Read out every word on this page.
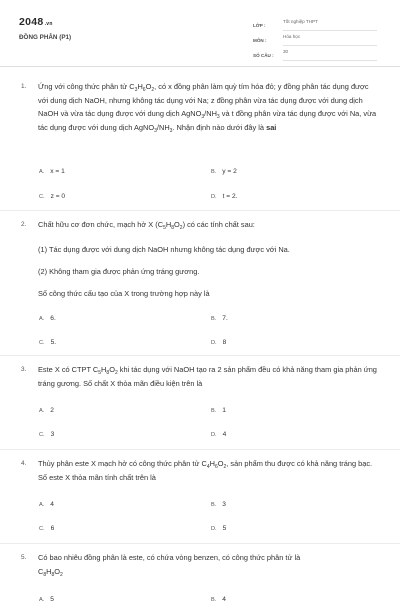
2048.vn
ĐỒNG PHÂN (P1)
LỚP :
Tốt nghiệp THPT
MÔN :
Hóa học
SỐ CÂU :
30
1. Ứng với công thức phân tử $C_3H_6O_2$, có x đồng phân làm quỳ tím hóa đỏ; y đồng phân tác dụng được với dung dịch NaOH, nhưng không tác dụng với Na; z đồng phân vừa tác dụng được với dung dịch NaOH và vừa tác dụng được với dung dịch $AgNO_3/NH_3$ và t đồng phân vừa tác dụng được với Na, vừa tác dụng được với dung dịch $AgNO_3/NH_3$. Nhận định nào dưới đây là sai
A. x = 1	B. y = 2
C. z = 0	D. t = 2.
2. Chất hữu cơ đơn chức, mạch hở X $(C_5H_8O_2)$ có các tính chất sau:
(1) Tác dụng được với dung dịch NaOH nhưng không tác dụng được với Na.
(2) Không tham gia được phản ứng tráng gương.
Số công thức cấu tạo của X trong trường hợp này là
A. 6.	B. 7.
C. 5.	D. 8
3. Este X có CTPT $C_5H_8O_2$ khi tác dụng với NaOH tạo ra 2 sản phẩm đều có khả năng tham gia phản ứng tráng gương. Số chất X thỏa mãn điều kiện trên là
A. 2	B. 1
C. 3	D. 4
4. Thủy phân este X mạch hở có công thức phân tử $C_4H_6O_2$, sản phẩm thu được có khả năng tráng bạc. Số este X thỏa mãn tính chất trên là
A. 4	B. 3
C. 6	D. 5
5. Có bao nhiêu đồng phân là este, có chứa vòng benzen, có công thức phân tử là
$C_8H_8O_2$
A. 5	B. 4
